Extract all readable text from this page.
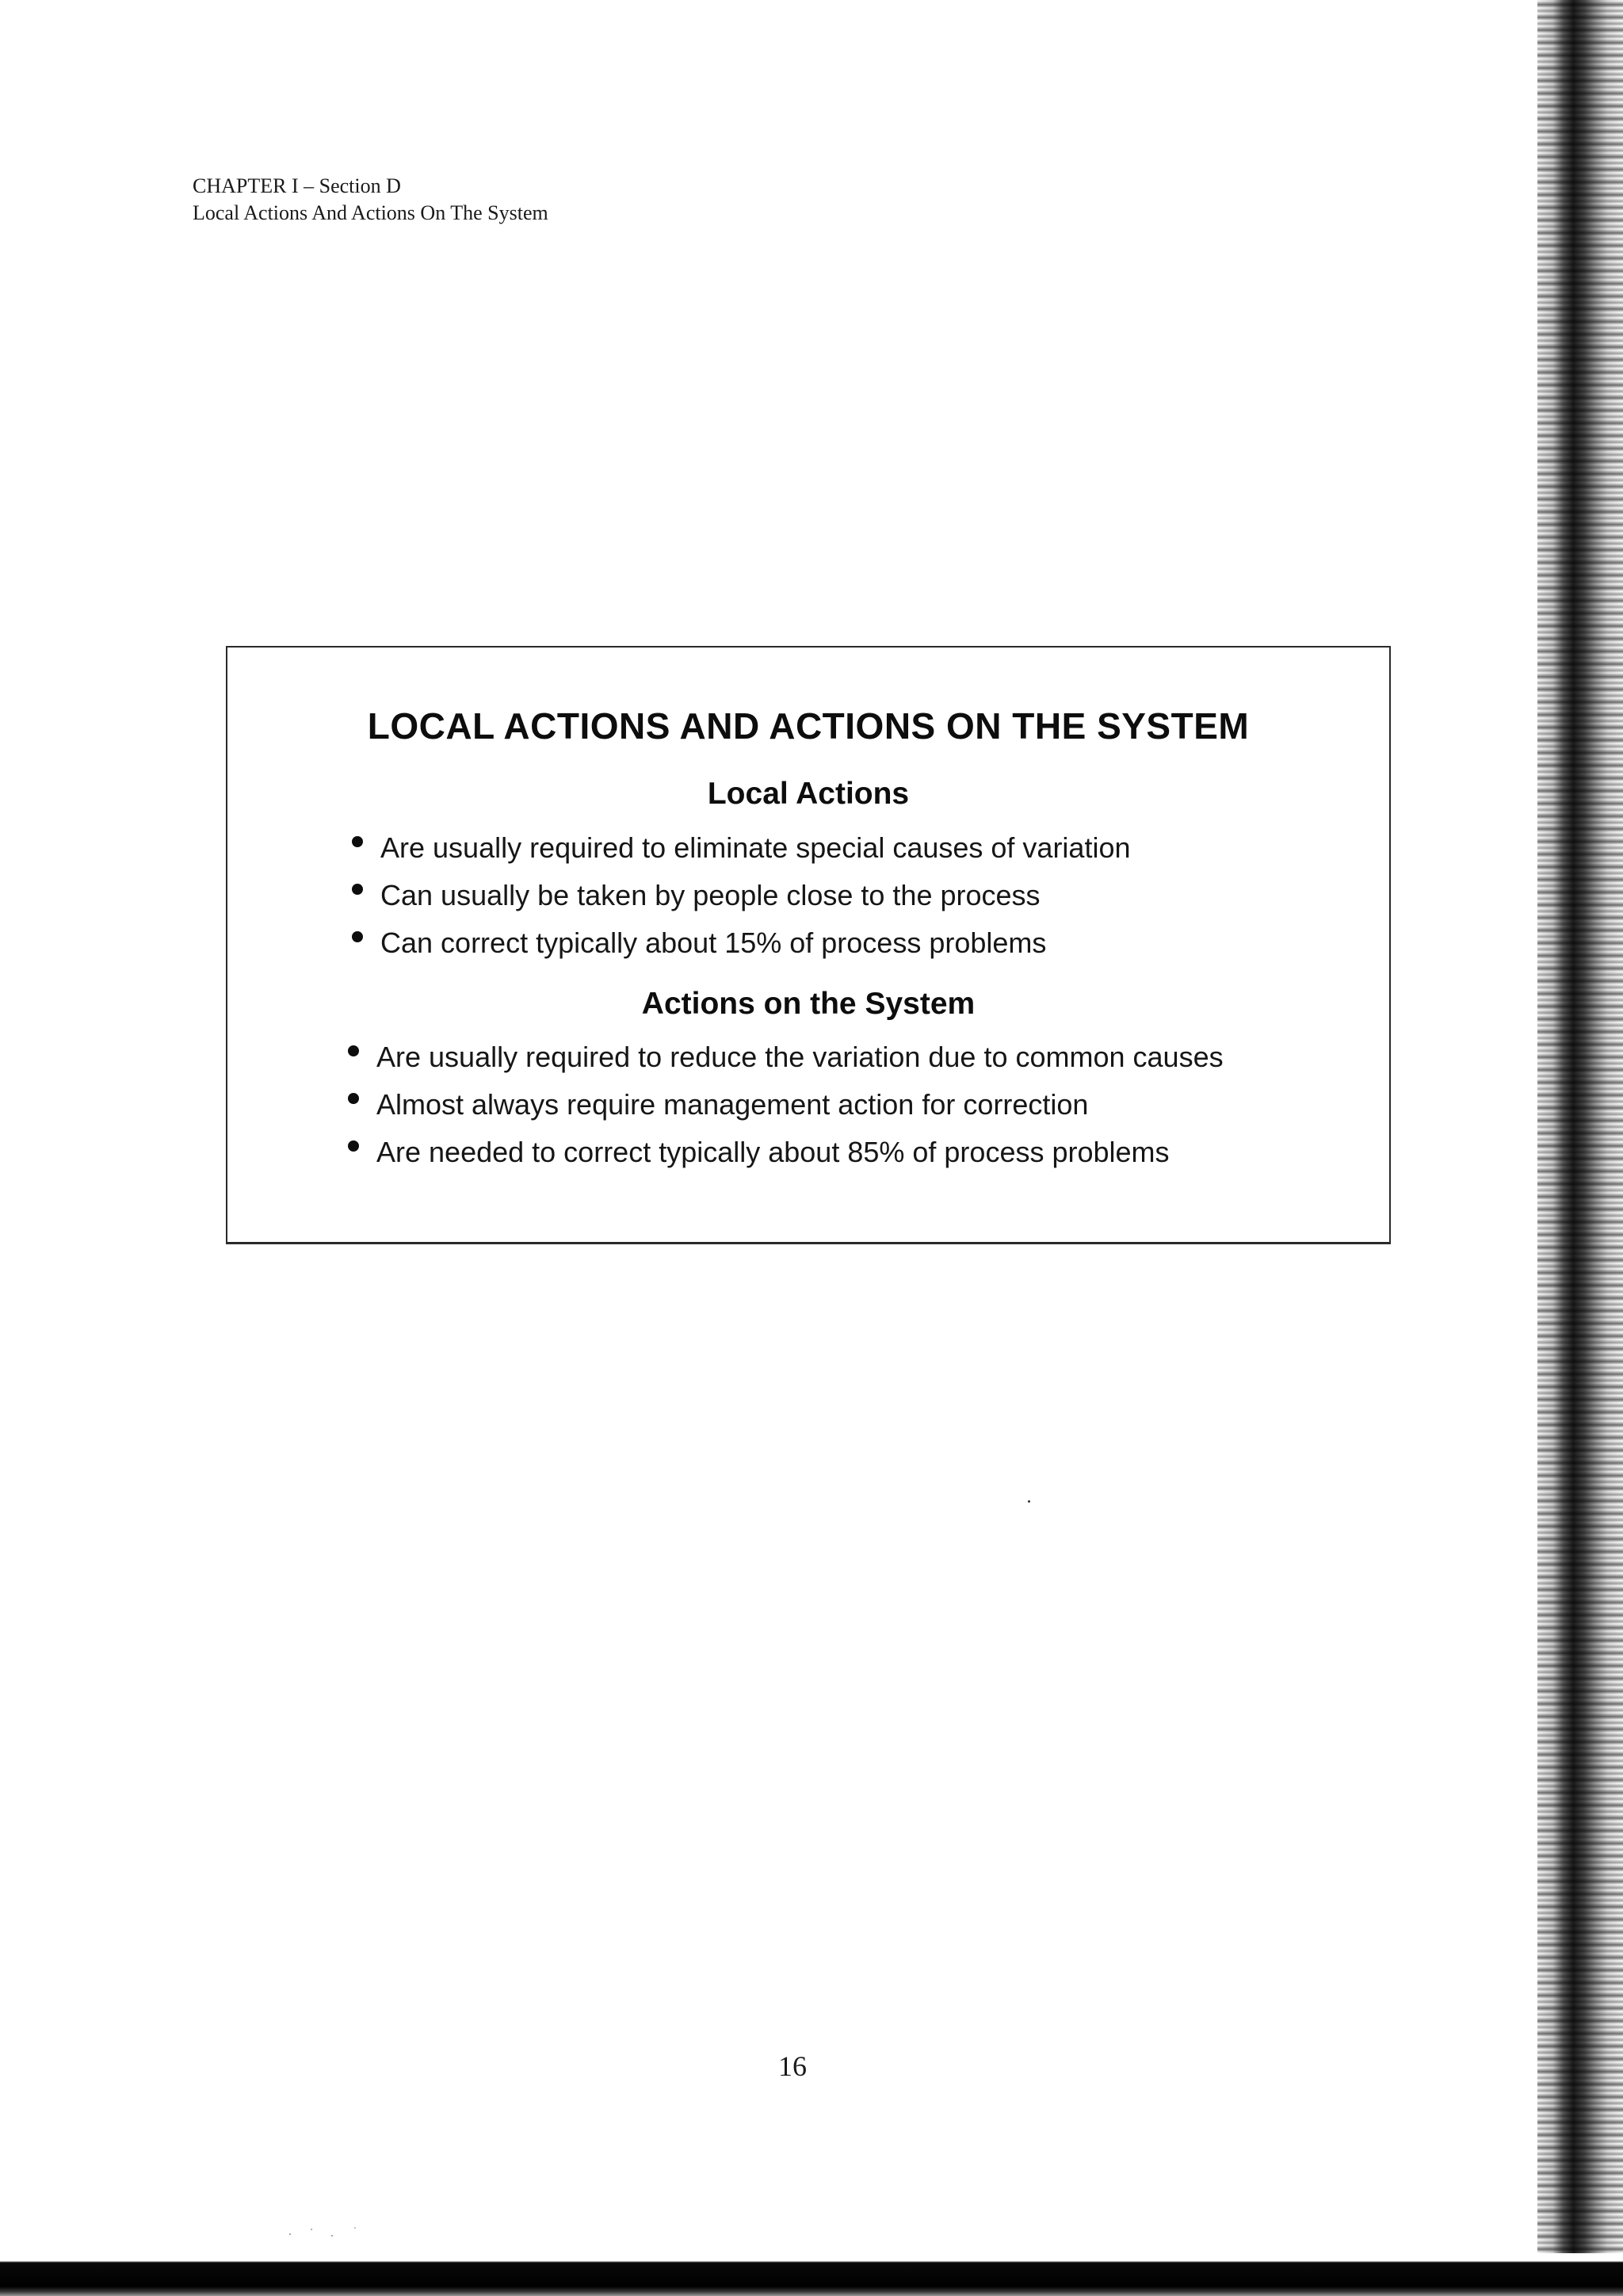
CHAPTER I – Section D
Local Actions And Actions On The System
LOCAL ACTIONS AND ACTIONS ON THE SYSTEM
Local Actions
Are usually required to eliminate special causes of variation
Can usually be taken by people close to the process
Can correct typically about 15% of process problems
Actions on the System
Are usually required to reduce the variation due to common causes
Almost always require management action for correction
Are needed to correct typically about 85% of process problems
16
